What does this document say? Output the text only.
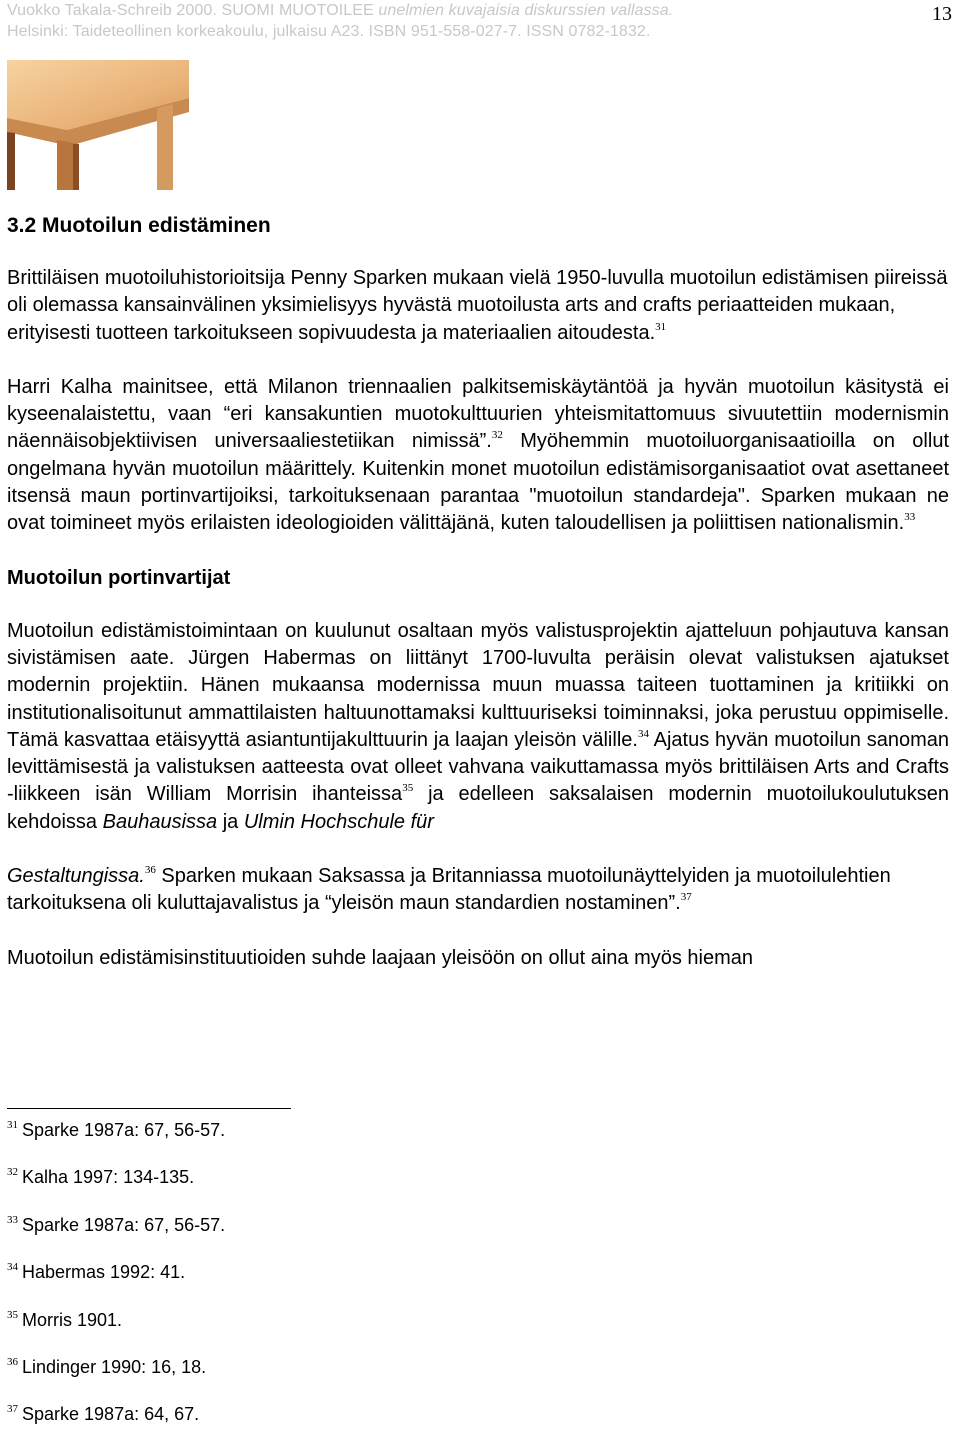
Vuokko Takala-Schreib 2000. SUOMI MUOTOILEE unelmien kuvajaisia diskurssien vallassa.
Helsinki: Taideteollinen korkeakoulu, julkaisu A23. ISBN 951-558-027-7. ISSN 0782-1832.
13
3.2 Muotoilun edistäminen

Brittiläisen muotoiluhistorioitsija Penny Sparken mukaan vielä 1950-luvulla muotoilun edistämisen piireissä oli olemassa kansainvälinen yksimielisyys hyvästä muotoilusta arts and crafts periaatteiden mukaan, erityisesti tuotteen tarkoitukseen sopivuudesta ja materiaalien aitoudesta.$^{31}$

Harri Kalha mainitsee, että Milanon triennaalien palkitsemiskäytäntöä ja hyvän muotoilun käsitystä ei kyseenalaistettu, vaan “eri kansakuntien muotokulttuurien yhteismitattomuus sivuutettiin modernismin näennäisobjektiivisen universaaliestetiikan nimissä”.$^{32}$ Myöhemmin muotoiluorganisaatioilla on ollut ongelmana hyvän muotoilun määrittely. Kuitenkin monet muotoilun edistämisorganisaatiot ovat asettaneet itsensä maun portinvartijoiksi, tarkoituksenaan parantaa "muotoilun standardeja". Sparken mukaan ne ovat toimineet myös erilaisten ideologioiden välittäjänä, kuten taloudellisen ja poliittisen nationalismin.$^{33}$

Muotoilun portinvartijat

Muotoilun edistämistoimintaan on kuulunut osaltaan myös valistusprojektin ajatteluun pohjautuva kansan sivistämisen aate. Jürgen Habermas on liittänyt 1700-luvulta peräisin olevat valistuksen ajatukset modernin projektiin. Hänen mukaansa modernissa muun muassa taiteen tuottaminen ja kritiikki on institutionalisoitunut ammattilaisten haltuunottamaksi kulttuuriseksi toiminnaksi, joka perustuu oppimiselle. Tämä kasvattaa etäisyyttä asiantuntijakulttuurin ja laajan yleisön välille.$^{34}$ Ajatus hyvän muotoilun sanoman levittämisestä ja valistuksen aatteesta ovat olleet vahvana vaikuttamassa myös brittiläisen Arts and Crafts -liikkeen isän William Morrisin ihanteissa$^{35}$ ja edelleen saksalaisen modernin muotoilukoulutuksen kehdoissa Bauhausissa ja Ulmin Hochschule für

Gestaltungissa.$^{36}$ Sparken mukaan Saksassa ja Britanniassa muotoilunäyttelyiden ja muotoilulehtien tarkoituksena oli kuluttajavalistus ja “yleisön maun standardien nostaminen”.$^{37}$

Muotoilun edistämisinstituutioiden suhde laajaan yleisöön on ollut aina myös hieman

$^{31}$ Sparke 1987a: 67, 56-57.
$^{32}$ Kalha 1997: 134-135.
$^{33}$ Sparke 1987a: 67, 56-57.
$^{34}$ Habermas 1992: 41.
$^{35}$ Morris 1901.
$^{36}$ Lindinger 1990: 16, 18.
$^{37}$ Sparke 1987a: 64, 67.
